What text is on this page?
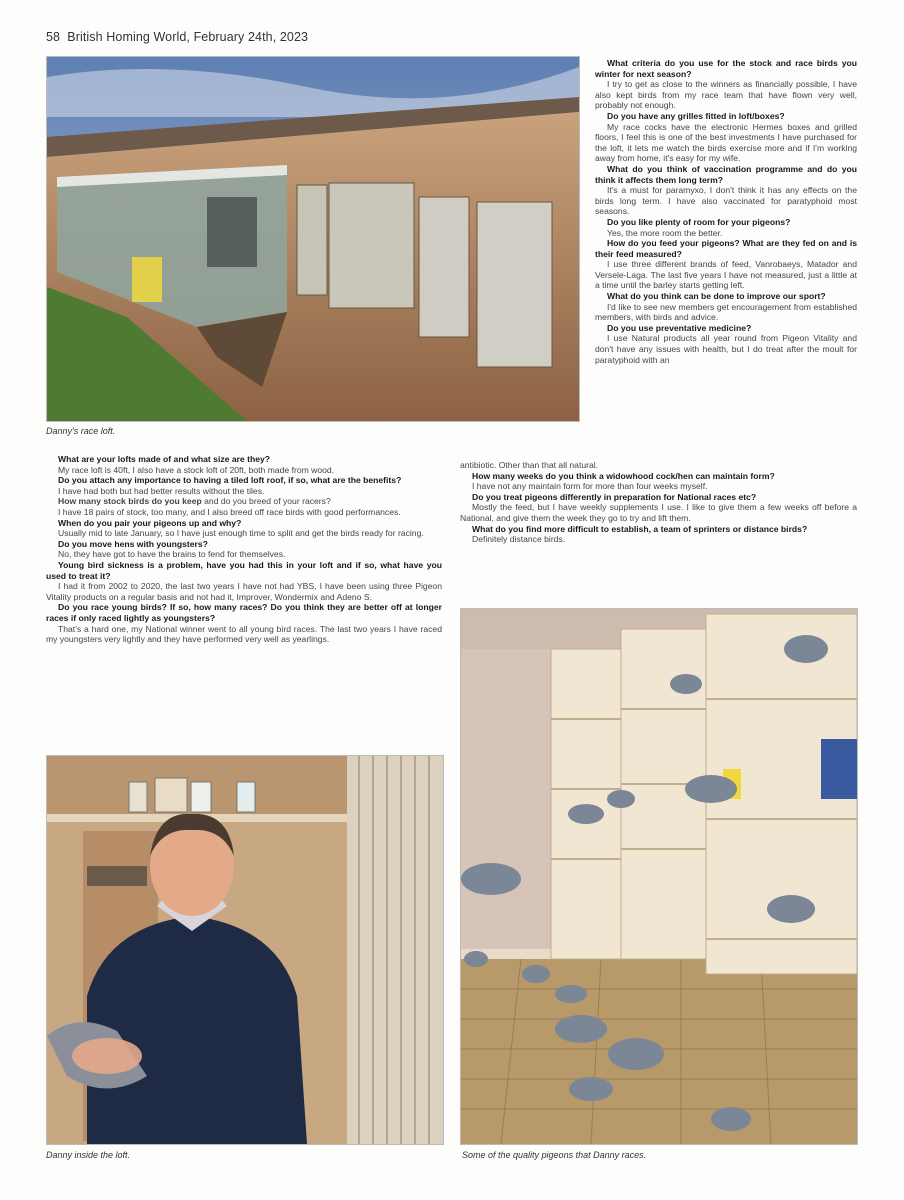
58 British Homing World, February 24th, 2023
Danny's race loft.

What criteria do you use for the stock and race birds you winter for next season?

I try to get as close to the winners as financially possible, I have also kept birds from my race team that have flown very well, probably not enough.

Do you have any grilles fitted in loft/boxes?

My race cocks have the electronic Hermes boxes and grilled floors, I feel this is one of the best investments I have purchased for the loft, it lets me watch the birds exercise more and if I'm working away from home, it's easy for my wife.

What do you think of vaccination programme and do you think it affects them long term?

It's a must for paramyxo, I don't think it has any effects on the birds long term. I have also vaccinated for paratyphoid most seasons.

Do you like plenty of room for your pigeons?

Yes, the more room the better.

How do you feed your pigeons? What are they fed on and is their feed measured?

I use three different brands of feed, Vanrobaeys, Matador and Versele-Laga. The last five years I have not measured, just a little at a time until the barley starts getting left.

What do you think can be done to improve our sport?

I'd like to see new members get encouragement from established members, with birds and advice.

Do you use preventative medicine?

I use Natural products all year round from Pigeon Vitality and don't have any issues with health, but I do treat after the moult for paratyphoid with an

What are your lofts made of and what size are they?

My race loft is 40ft, I also have a stock loft of 20ft, both made from wood.

Do you attach any importance to having a tiled loft roof, if so, what are the benefits?

I have had both but had better results without the tiles.

How many stock birds do you keep and do you breed of your racers?

I have 18 pairs of stock, too many, and I also breed off race birds with good performances.

When do you pair your pigeons up and why?

Usually mid to late January, so I have just enough time to split and get the birds ready for racing.

Do you move hens with youngsters?

No, they have got to have the brains to fend for themselves.

Young bird sickness is a problem, have you had this in your loft and if so, what have you used to treat it?

I had it from 2002 to 2020, the last two years I have not had YBS, I have been using three Pigeon Vitality products on a regular basis and not had it, Improver, Wondermix and Adeno S.

Do you race young birds? If so, how many races? Do you think they are better off at longer races if only raced lightly as youngsters?

That's a hard one, my National winner went to all young bird races. The last two years I have raced my youngsters very lightly and they have performed very well as yearlings.

antibiotic. Other than that all natural.

How many weeks do you think a widowhood cock/hen can maintain form?

I have not any maintain form for more than four weeks myself.

Do you treat pigeons differently in preparation for National races etc?

Mostly the feed, but I have weekly supplements I use. I like to give them a few weeks off before a National, and give them the week they go to try and lift them.

What do you find more difficult to establish, a team of sprinters or distance birds?

Definitely distance birds.

Danny inside the loft.	Some of the quality pigeons that Danny races.
